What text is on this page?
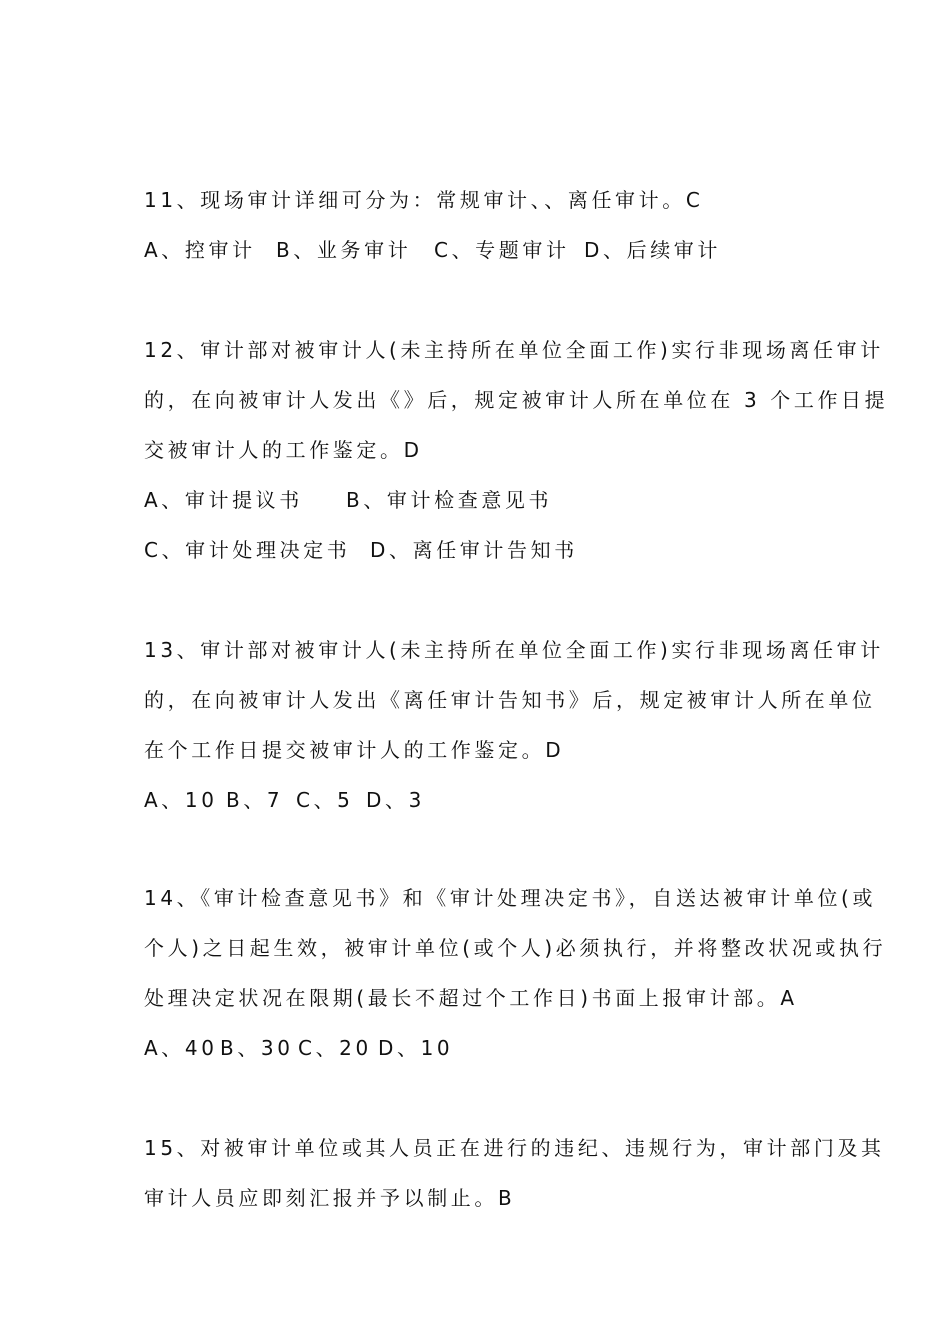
11、现场审计详细可分为：常规审计、、离任审计。C
A、控审计 B、业务审计 C、专题审计 D、后续审计
12、审计部对被审计人(未主持所在单位全面工作)实行非现场离任审计
的，在向被审计人发出《》后，规定被审计人所在单位在 3 个工作日提
交被审计人的工作鉴定。D
A、审计提议书 B、审计检查意见书
C、审计处理决定书 D、离任审计告知书
13、审计部对被审计人(未主持所在单位全面工作)实行非现场离任审计
的，在向被审计人发出《离任审计告知书》后，规定被审计人所在单位
在个工作日提交被审计人的工作鉴定。D
A、10 B、7 C、5 D、3
14、《审计检查意见书》和《审计处理决定书》，自送达被审计单位(或
个人)之日起生效，被审计单位(或个人)必须执行，并将整改状况或执行
处理决定状况在限期(最长不超过个工作日)书面上报审计部。A
A、40 B、30 C、20 D、10
15、对被审计单位或其人员正在进行的违纪、违规行为，审计部门及其
审计人员应即刻汇报并予以制止。B
